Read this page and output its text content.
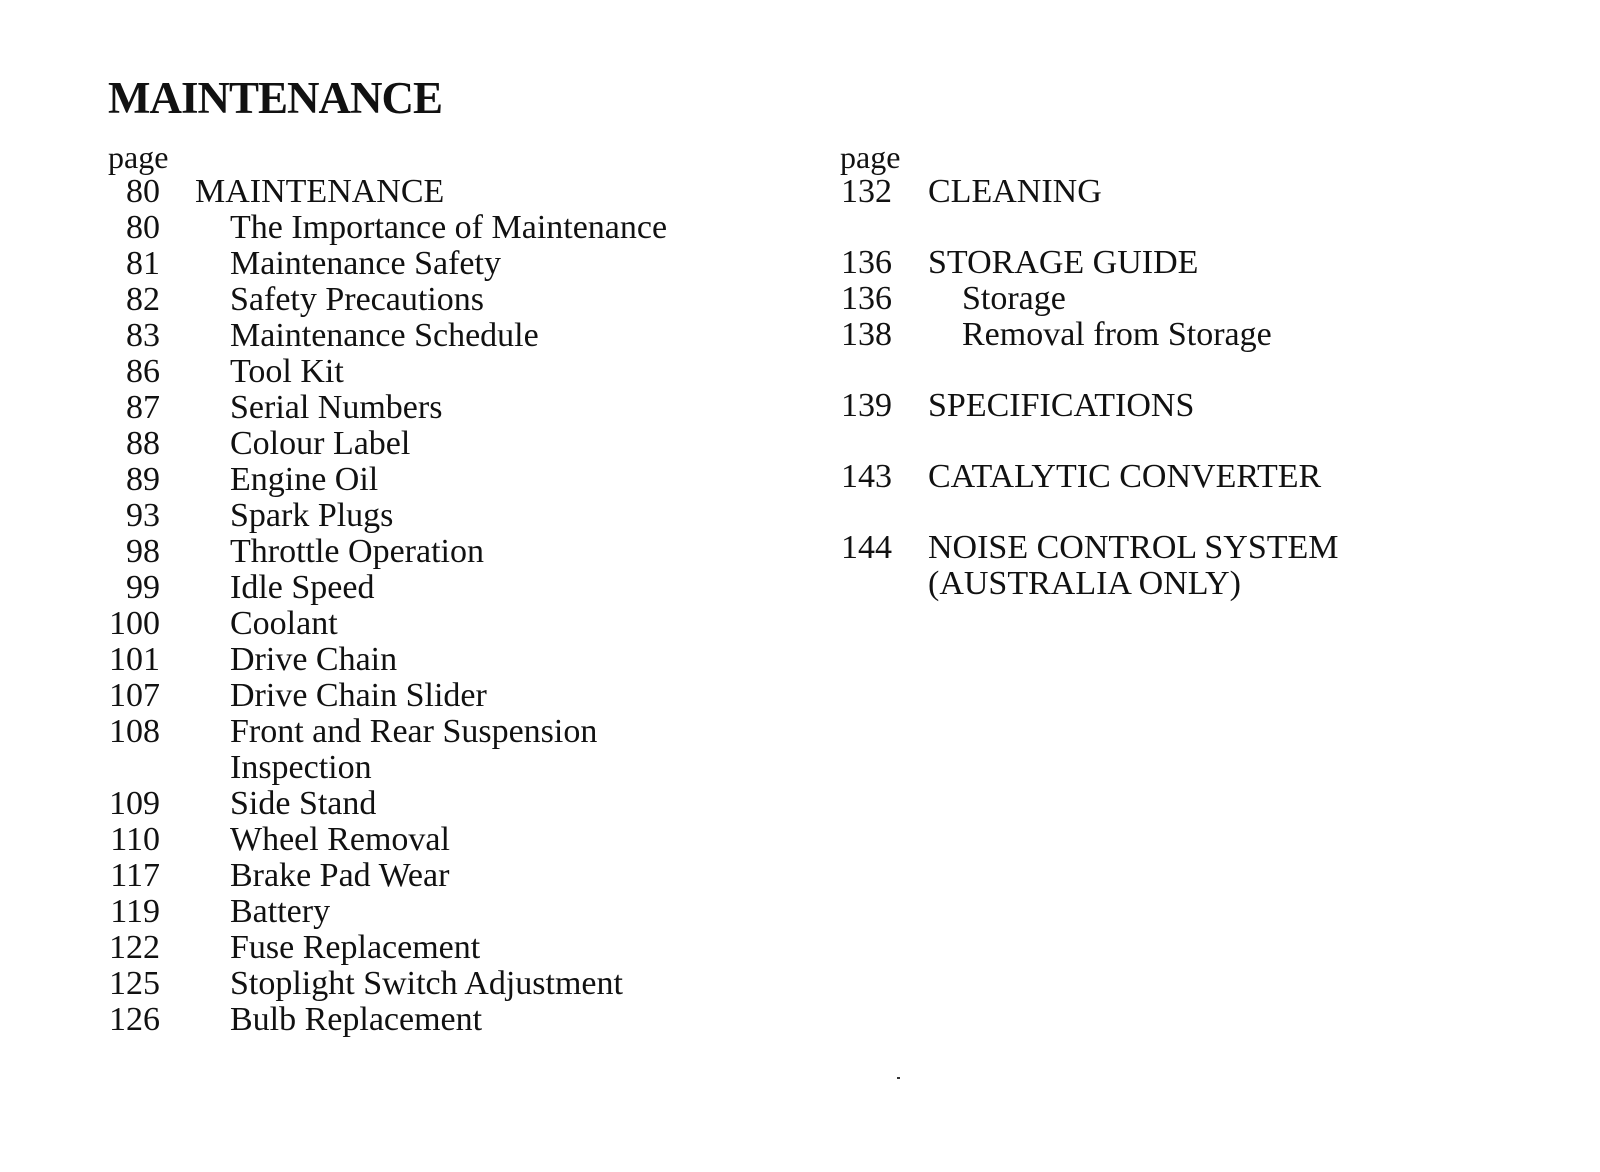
MAINTENANCE
page
80 MAINTENANCE
80 The Importance of Maintenance
81 Maintenance Safety
82 Safety Precautions
83 Maintenance Schedule
86 Tool Kit
87 Serial Numbers
88 Colour Label
89 Engine Oil
93 Spark Plugs
98 Throttle Operation
99 Idle Speed
100 Coolant
101 Drive Chain
107 Drive Chain Slider
108 Front and Rear Suspension
Inspection
109 Side Stand
110 Wheel Removal
117 Brake Pad Wear
119 Battery
122 Fuse Replacement
125 Stoplight Switch Adjustment
126 Bulb Replacement
page
132 CLEANING
136 STORAGE GUIDE
136 Storage
138 Removal from Storage
139 SPECIFICATIONS
143 CATALYTIC CONVERTER
144 NOISE CONTROL SYSTEM
(AUSTRALIA ONLY)
